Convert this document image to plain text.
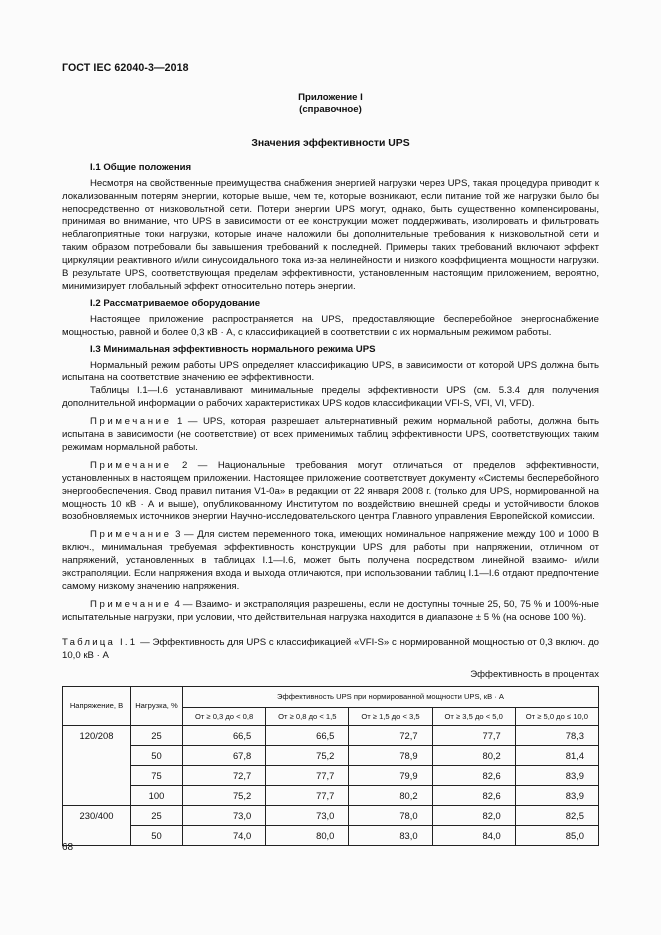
ГОСТ IEC 62040-3—2018
Приложение I
(справочное)
Значения эффективности UPS
I.1 Общие положения

Несмотря на свойственные преимущества снабжения энергией нагрузки через UPS, такая процедура приводит к локализованным потерям энергии, которые выше, чем те, которые возникают, если питание той же нагрузки было бы непосредственно от низковольтной сети. Потери энергии UPS могут, однако, быть существенно компенсированы, принимая во внимание, что UPS в зависимости от ее конструкции может поддерживать, изолировать и фильтровать неблагоприятные токи нагрузки, которые иначе наложили бы дополнительные требования к низковольтной сети и таким образом потребовали бы завышения требований к последней. Примеры таких требований включают эффект циркуляции реактивного и/или синусоидального тока из-за нелинейности и низкого коэффициента мощности нагрузки. В результате UPS, соответствующая пределам эффективности, установленным настоящим приложением, вероятно, минимизирует глобальный эффект относительно потерь энергии.

I.2 Рассматриваемое оборудование

Настоящее приложение распространяется на UPS, предоставляющие бесперебойное энергоснабжение мощностью, равной и более 0,3 кВ · А, с классификацией в соответствии с их нормальным режимом работы.

I.3 Минимальная эффективность нормального режима UPS

Нормальный режим работы UPS определяет классификацию UPS, в зависимости от которой UPS должна быть испытана на соответствие значению ее эффективности.

Таблицы I.1—I.6 устанавливают минимальные пределы эффективности UPS (см. 5.3.4 для получения дополнительной информации о рабочих характеристиках UPS кодов классификации VFI-S, VFI, VI, VFD).

Примечание 1 — UPS, которая разрешает альтернативный режим нормальной работы, должна быть испытана в зависимости (не соответствие) от всех применимых таблиц эффективности UPS, соответствующих таким режимам нормальной работы.

Примечание 2 — Национальные требования могут отличаться от пределов эффективности, установленных в настоящем приложении. Настоящее приложение соответствует документу «Системы бесперебойного энергообеспечения. Свод правил питания V1-0а» в редакции от 22 января 2008 г. (только для UPS, нормированной на мощность 10 кВ · А и выше), опубликованному Институтом по воздействию внешней среды и устойчивости блоков возобновляемых источников энергии Научно-исследовательского центра Главного управления Европейской комиссии.

Примечание 3 — Для систем переменного тока, имеющих номинальное напряжение между 100 и 1000 В включ., минимальная требуемая эффективность конструкции UPS для работы при напряжении, отличном от напряжений, установленных в таблицах I.1—I.6, может быть получена посредством линейной взаимо- и/или экстраполяции. Если напряжения входа и выхода отличаются, при использовании таблиц I.1—I.6 отдают предпочтение самому низкому значению напряжения.

Примечание 4 — Взаимо- и экстраполяция разрешены, если не доступны точные 25, 50, 75 % и 100%-ные испытательные нагрузки, при условии, что действительная нагрузка находится в диапазоне ± 5 % (на основе 100 %).

Таблица I.1 — Эффективность для UPS с классификацией «VFI-S» с нормированной мощностью от 0,3 включ. до 10,0 кВ · А
Эффективность в процентах
Напряжение, В	Нагрузка, %	Эффективность UPS при нормированной мощности UPS, кВ · А				
		От ≥ 0,3 до < 0,8	От ≥ 0,8 до < 1,5	От ≥ 1,5 до < 3,5	От ≥ 3,5 до < 5,0	От ≥ 5,0 до ≤ 10,0
120/208	25	66,5	66,5	72,7	77,7	78,3
	50	67,8	75,2	78,9	80,2	81,4
	75	72,7	77,7	79,9	82,6	83,9
	100	75,2	77,7	80,2	82,6	83,9
230/400	25	73,0	73,0	78,0	82,0	82,5
	50	74,0	80,0	83,0	84,0	85,0
68
